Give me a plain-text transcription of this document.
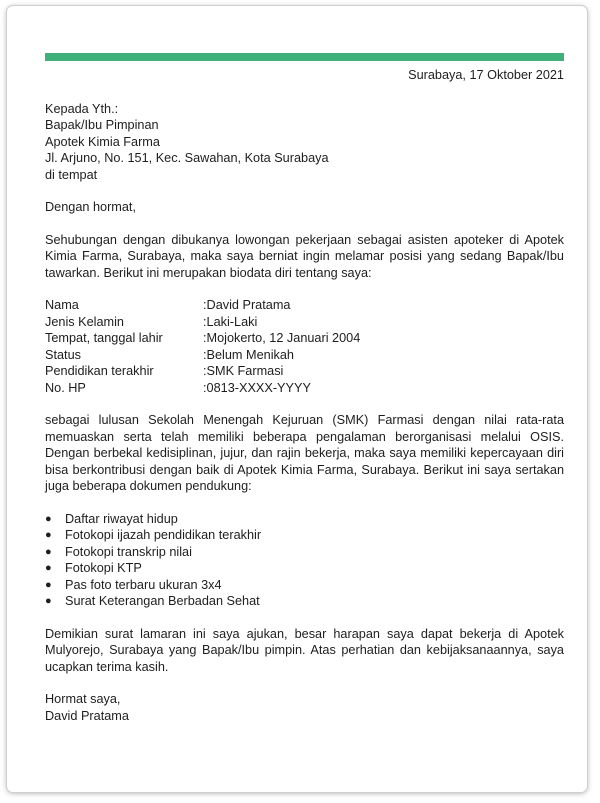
Surabaya, 17 Oktober 2021

Kepada Yth.:
Bapak/Ibu Pimpinan
Apotek Kimia Farma
Jl. Arjuno, No. 151, Kec. Sawahan, Kota Surabaya
di tempat
Dengan hormat,

Sehubungan dengan dibukanya lowongan pekerjaan sebagai asisten apoteker di Apotek Kimia Farma, Surabaya, maka saya berniat ingin melamar posisi yang sedang Bapak/Ibu tawarkan. Berikut ini merupakan biodata diri tentang saya:

Nama	: David Pratama
Jenis Kelamin	: Laki-Laki
Tempat, tanggal lahir	: Mojokerto, 12 Januari 2004
Status	: Belum Menikah
Pendidikan terakhir	: SMK Farmasi
No. HP	: 0813-XXXX-YYYY

sebagai lulusan Sekolah Menengah Kejuruan (SMK) Farmasi dengan nilai rata-rata memuaskan serta telah memiliki beberapa pengalaman berorganisasi melalui OSIS. Dengan berbekal kedisiplinan, jujur, dan rajin bekerja, maka saya memiliki kepercayaan diri bisa berkontribusi dengan baik di Apotek Kimia Farma, Surabaya. Berikut ini saya sertakan juga beberapa dokumen pendukung:

●	Daftar riwayat hidup
●	Fotokopi ijazah pendidikan terakhir
●	Fotokopi transkrip nilai
●	Fotokopi KTP
●	Pas foto terbaru ukuran 3x4
●	Surat Keterangan Berbadan Sehat

Demikian surat lamaran ini saya ajukan, besar harapan saya dapat bekerja di Apotek Mulyorejo, Surabaya yang Bapak/Ibu pimpin. Atas perhatian dan kebijaksanaannya, saya ucapkan terima kasih.

Hormat saya,
David Pratama
